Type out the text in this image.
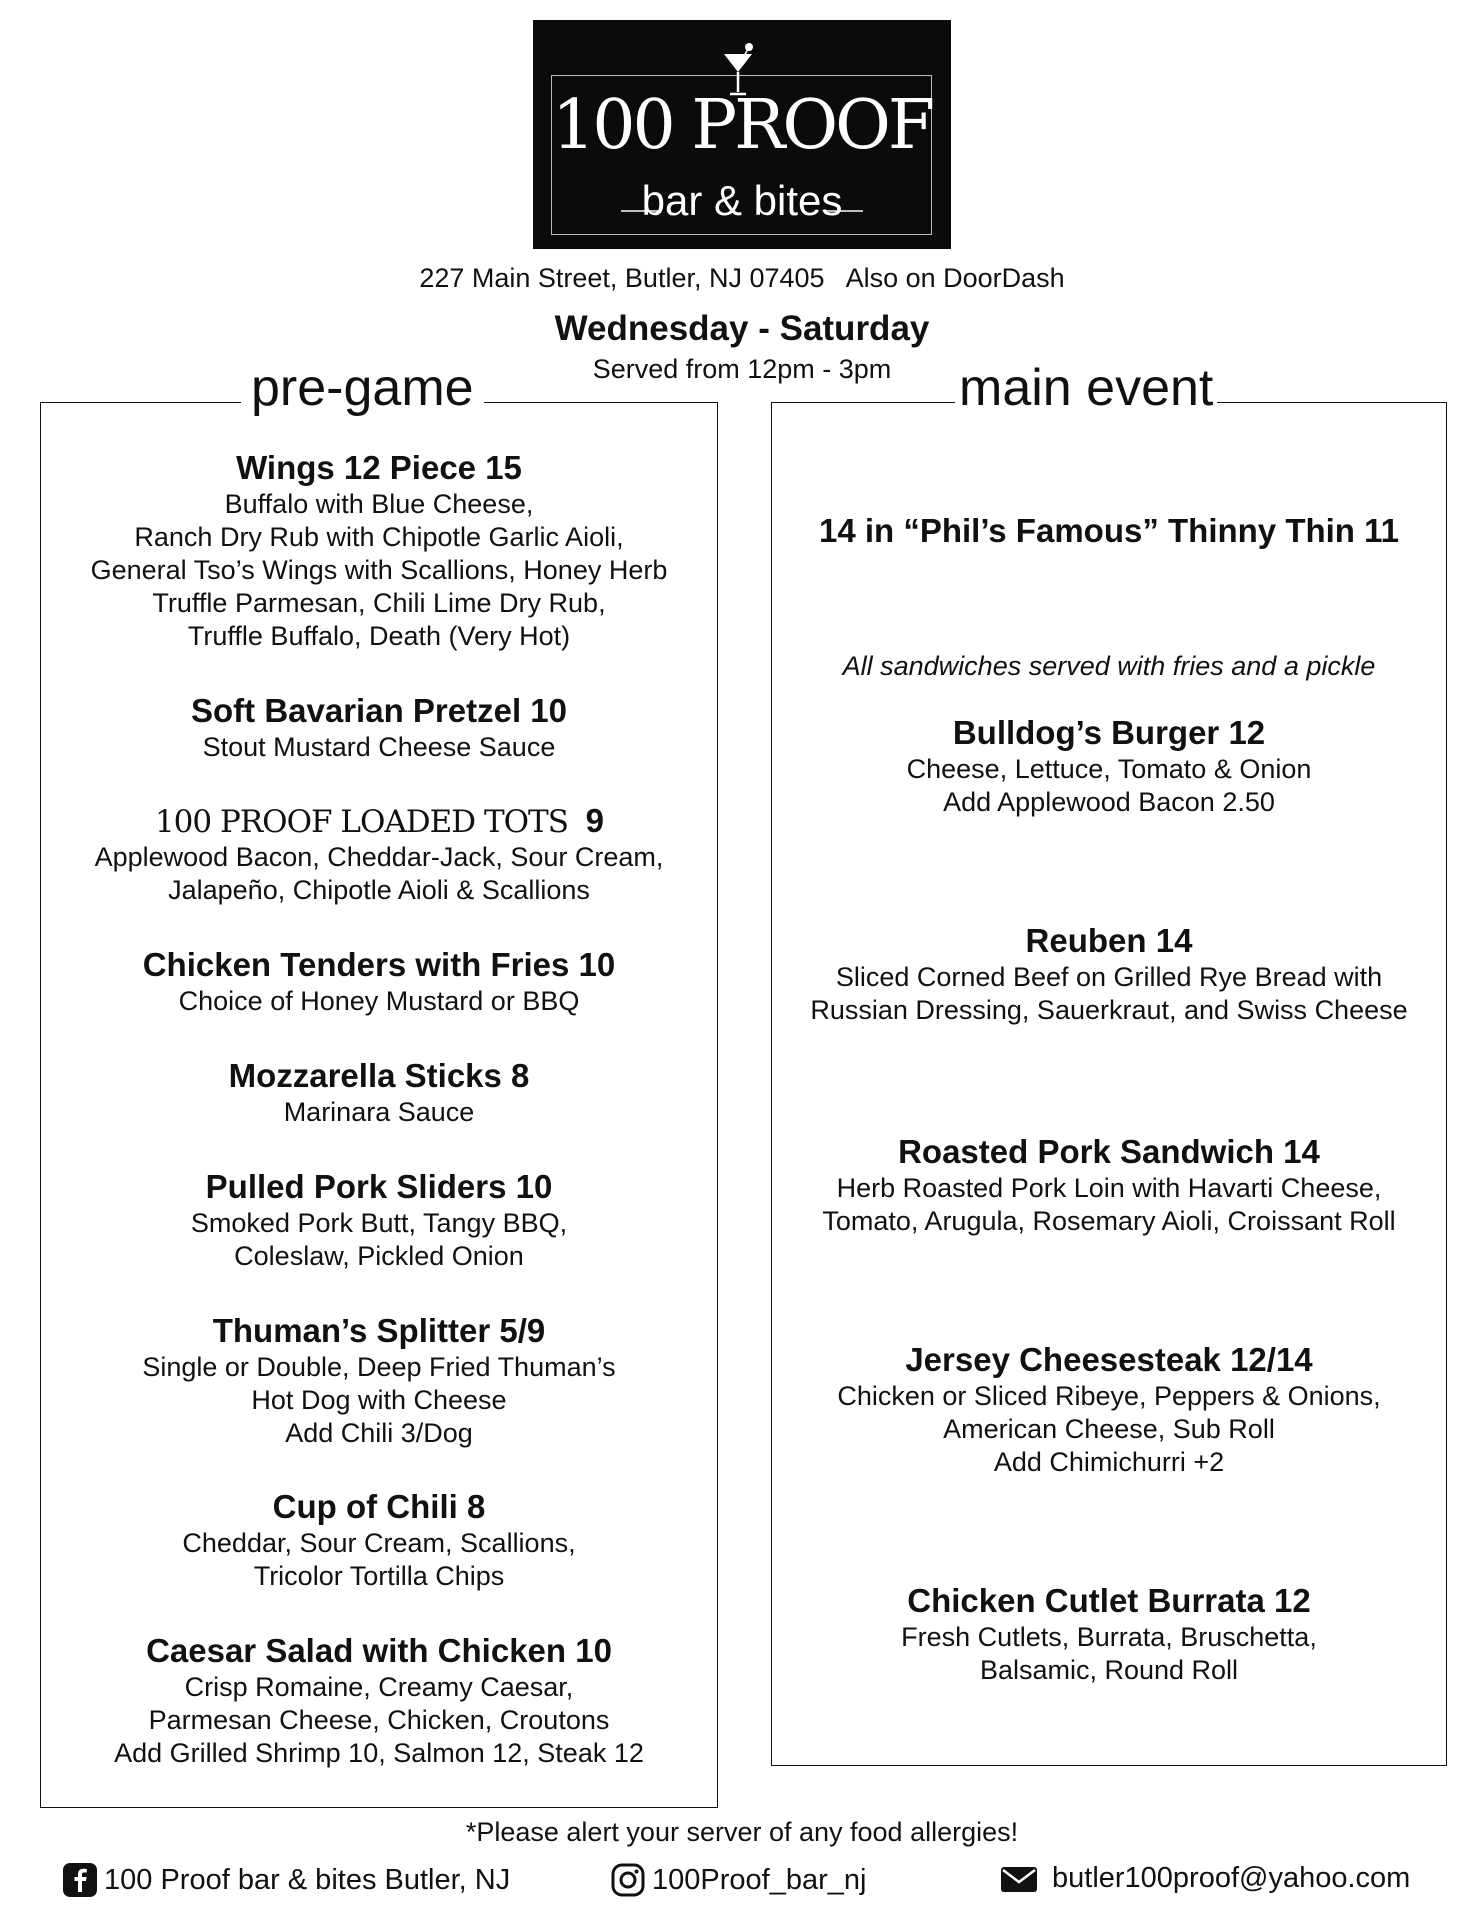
100 PROOF
bar & bites
227 Main Street, Butler, NJ 07405   Also on DoorDash
Wednesday - Saturday
Served from 12pm - 3pm
pre-game
Wings 12 Piece 15
Buffalo with Blue Cheese,
Ranch Dry Rub with Chipotle Garlic Aioli,
General Tso’s Wings with Scallions, Honey Herb
Truffle Parmesan, Chili Lime Dry Rub,
Truffle Buffalo, Death (Very Hot)
Soft Bavarian Pretzel 10
Stout Mustard Cheese Sauce
100 PROOF LOADED TOTS 9
Applewood Bacon, Cheddar-Jack, Sour Cream,
Jalapeño, Chipotle Aioli & Scallions
Chicken Tenders with Fries 10
Choice of Honey Mustard or BBQ
Mozzarella Sticks 8
Marinara Sauce
Pulled Pork Sliders 10
Smoked Pork Butt, Tangy BBQ,
Coleslaw, Pickled Onion
Thuman’s Splitter 5/9
Single or Double, Deep Fried Thuman’s
Hot Dog with Cheese
Add Chili 3/Dog
Cup of Chili 8
Cheddar, Sour Cream, Scallions,
Tricolor Tortilla Chips
Caesar Salad with Chicken 10
Crisp Romaine, Creamy Caesar,
Parmesan Cheese, Chicken, Croutons
Add Grilled Shrimp 10, Salmon 12, Steak 12
main event
14 in “Phil’s Famous” Thinny Thin 11
All sandwiches served with fries and a pickle
Bulldog’s Burger 12
Cheese, Lettuce, Tomato & Onion
Add Applewood Bacon 2.50
Reuben 14
Sliced Corned Beef on Grilled Rye Bread with
Russian Dressing, Sauerkraut, and Swiss Cheese
Roasted Pork Sandwich 14
Herb Roasted Pork Loin with Havarti Cheese,
Tomato, Arugula, Rosemary Aioli, Croissant Roll
Jersey Cheesesteak 12/14
Chicken or Sliced Ribeye, Peppers & Onions,
American Cheese, Sub Roll
Add Chimichurri +2
Chicken Cutlet Burrata 12
Fresh Cutlets, Burrata, Bruschetta,
Balsamic, Round Roll
*Please alert your server of any food allergies!
100 Proof bar & bites Butler, NJ	100Proof_bar_nj	butler100proof@yahoo.com
